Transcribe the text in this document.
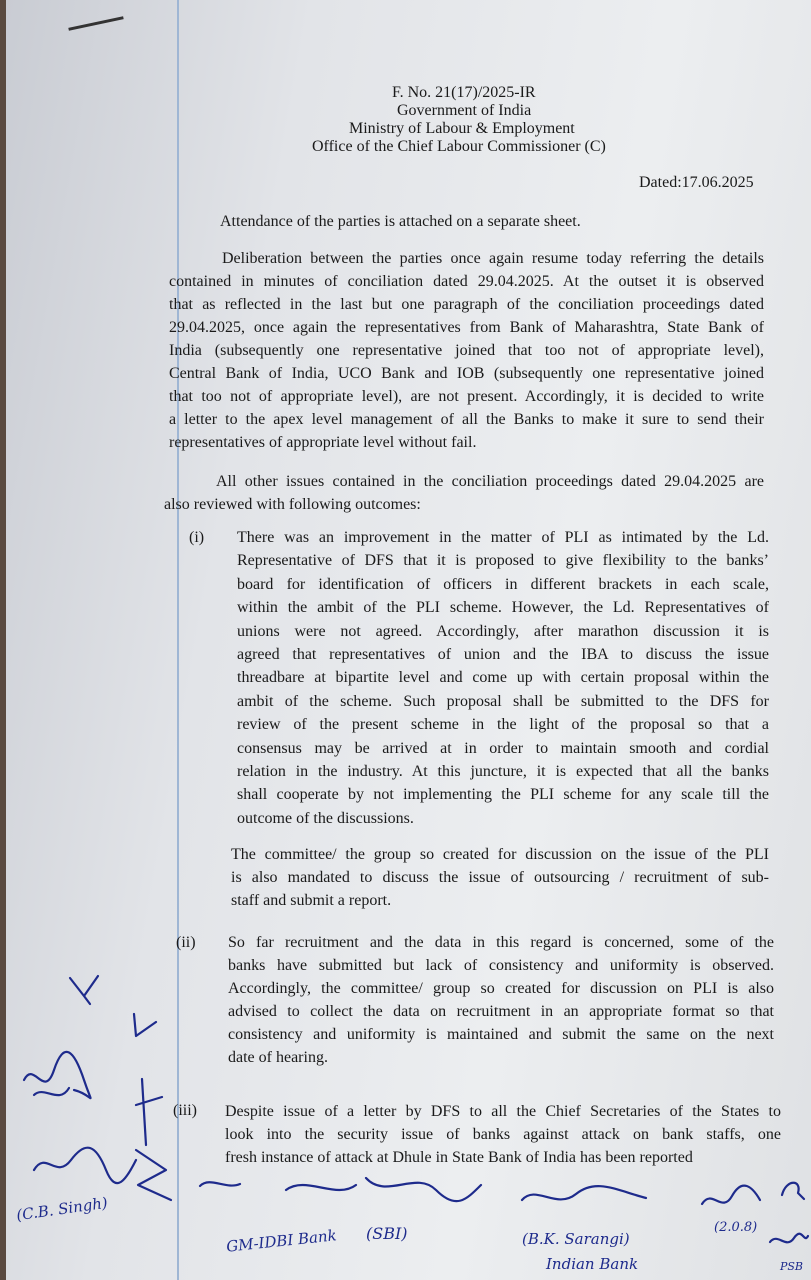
F. No. 21(17)/2025-IR
Government of India
Ministry of Labour & Employment
Office of the Chief Labour Commissioner (C)
Dated:17.06.2025
Attendance of the parties is attached on a separate sheet.
Deliberation between the parties once again resume today referring the details
contained in minutes of conciliation dated 29.04.2025. At the outset it is observed
that as reflected in the last but one paragraph of the conciliation proceedings dated
29.04.2025, once again the representatives from Bank of Maharashtra, State Bank of
India (subsequently one representative joined that too not of appropriate level),
Central Bank of India, UCO Bank and IOB (subsequently one representative joined
that too not of appropriate level), are not present. Accordingly, it is decided to write
a letter to the apex level management of all the Banks to make it sure to send their
representatives of appropriate level without fail.
All other issues contained in the conciliation proceedings dated 29.04.2025 are
also reviewed with following outcomes:
(i) There was an improvement in the matter of PLI as intimated by the Ld.
Representative of DFS that it is proposed to give flexibility to the banks’
board for identification of officers in different brackets in each scale,
within the ambit of the PLI scheme. However, the Ld. Representatives of
unions were not agreed. Accordingly, after marathon discussion it is
agreed that representatives of union and the IBA to discuss the issue
threadbare at bipartite level and come up with certain proposal within the
ambit of the scheme. Such proposal shall be submitted to the DFS for
review of the present scheme in the light of the proposal so that a
consensus may be arrived at in order to maintain smooth and cordial
relation in the industry. At this juncture, it is expected that all the banks
shall cooperate by not implementing the PLI scheme for any scale till the
outcome of the discussions.
The committee/ the group so created for discussion on the issue of the PLI
is also mandated to discuss the issue of outsourcing / recruitment of sub-
staff and submit a report.
(ii) So far recruitment and the data in this regard is concerned, some of the
banks have submitted but lack of consistency and uniformity is observed.
Accordingly, the committee/ group so created for discussion on PLI is also
advised to collect the data on recruitment in an appropriate format so that
consistency and uniformity is maintained and submit the same on the next
date of hearing.
(iii) Despite issue of a letter by DFS to all the Chief Secretaries of the States to
look into the security issue of banks against attack on bank staffs, one
fresh instance of attack at Dhule in State Bank of India has been reported
(C.B. Singh)
GM-IDBI Bank (SBI)	(B.K. Sarangi)
Indian Bank
(2.0.8)
PSB
